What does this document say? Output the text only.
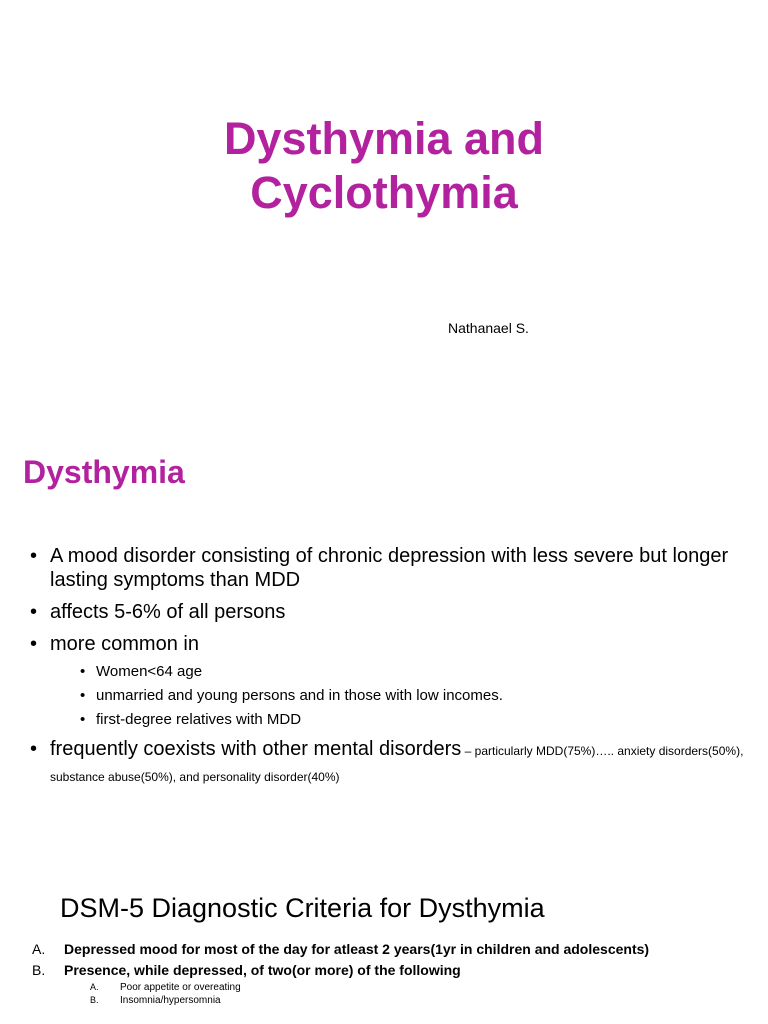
Dysthymia and
Cyclothymia
Nathanael S.
Dysthymia
• A mood disorder consisting of chronic depression with less severe but longer lasting symptoms than MDD
• affects 5-6% of all persons
• more common in
• Women<64 age
• unmarried and young persons and in those with low incomes.
• first-degree relatives with MDD
• frequently coexists with other mental disorders – particularly MDD(75%)….. anxiety disorders(50%), substance abuse(50%), and personality disorder(40%)
DSM-5 Diagnostic Criteria for Dysthymia
A. Depressed mood for most of the day for atleast 2 years(1yr in children and adolescents)
B. Presence, while depressed, of two(or more) of the following
A. Poor appetite or overeating
B. Insomnia/hypersomnia
